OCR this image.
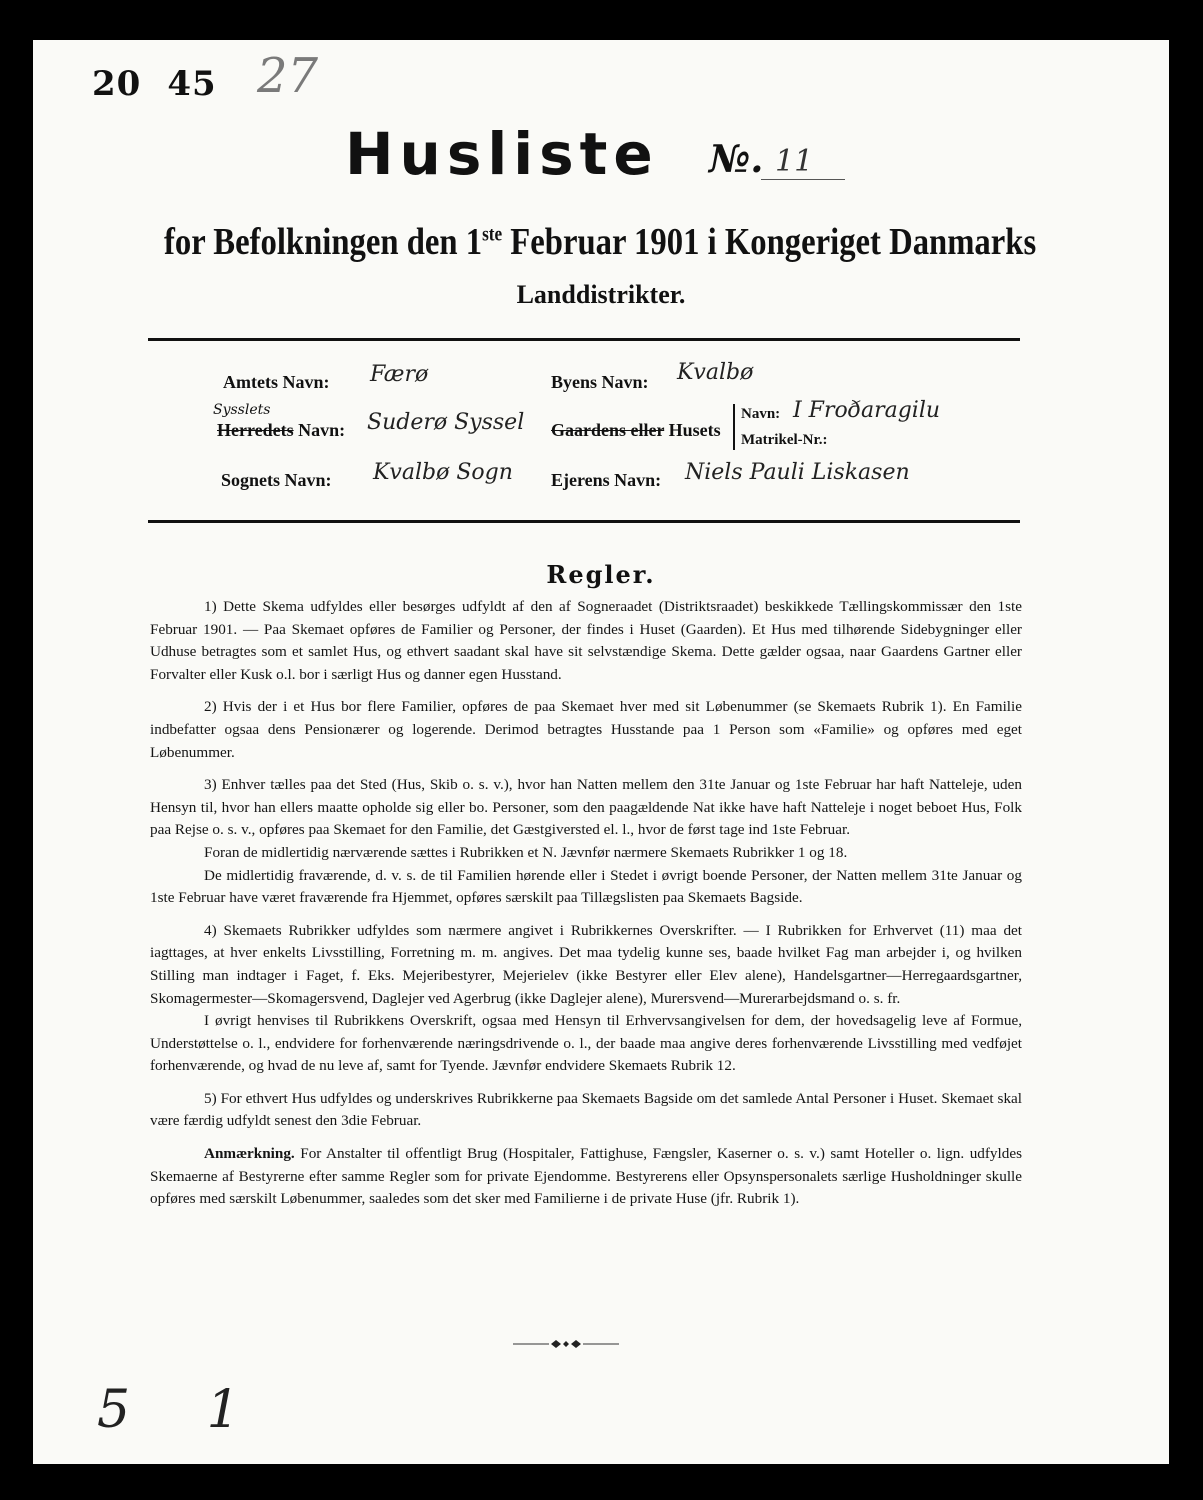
20 45 27
Husliste №. 11
for Befolkningen den 1ste Februar 1901 i Kongeriget Danmarks
Landdistrikter.
Amtets Navn: Færø
Sysslets
Herredets Navn: Suderø Syssel
Sognets Navn: Kvalbø Sogn
Byens Navn: Kvalbø
Gaardens eller Husets
Navn: I Froðaragilu
Matrikel-Nr.:
Ejerens Navn: Niels Pauli Liskasen
Regler.

1) Dette Skema udfyldes eller besørges udfyldt af den af Sogneraadet (Distriktsraadet) beskikkede Tællingskommissær den 1ste Februar 1901. — Paa Skemaet opføres de Familier og Personer, der findes i Huset (Gaarden). Et Hus med tilhørende Sidebygninger eller Udhuse betragtes som et samlet Hus, og ethvert saadant skal have sit selvstændige Skema. Dette gælder ogsaa, naar Gaardens Gartner eller Forvalter eller Kusk o.l. bor i særligt Hus og danner egen Husstand.

2) Hvis der i et Hus bor flere Familier, opføres de paa Skemaet hver med sit Løbenummer (se Skemaets Rubrik 1). En Familie indbefatter ogsaa dens Pensionærer og logerende. Derimod betragtes Husstande paa 1 Person som «Familie» og opføres med eget Løbenummer.

3) Enhver tælles paa det Sted (Hus, Skib o. s. v.), hvor han Natten mellem den 31te Januar og 1ste Februar har haft Natteleje, uden Hensyn til, hvor han ellers maatte opholde sig eller bo. Personer, som den paagældende Nat ikke have haft Natteleje i noget beboet Hus, Folk paa Rejse o. s. v., opføres paa Skemaet for den Familie, det Gæstgiversted el. l., hvor de først tage ind 1ste Februar.

Foran de midlertidig nærværende sættes i Rubrikken et N. Jævnfør nærmere Skemaets Rubrikker 1 og 18.

De midlertidig fraværende, d. v. s. de til Familien hørende eller i Stedet i øvrigt boende Personer, der Natten mellem 31te Januar og 1ste Februar have været fraværende fra Hjemmet, opføres særskilt paa Tillægslisten paa Skemaets Bagside.

4) Skemaets Rubrikker udfyldes som nærmere angivet i Rubrikkernes Overskrifter. — I Rubrikken for Erhvervet (11) maa det iagttages, at hver enkelts Livsstilling, Forretning m. m. angives. Det maa tydelig kunne ses, baade hvilket Fag man arbejder i, og hvilken Stilling man indtager i Faget, f. Eks. Mejeribestyrer, Mejerielev (ikke Bestyrer eller Elev alene), Handelsgartner—Herregaardsgartner, Skomagermester—Skomagersvend, Daglejer ved Agerbrug (ikke Daglejer alene), Murersvend—Murerarbejdsmand o. s. fr.

I øvrigt henvises til Rubrikkens Overskrift, ogsaa med Hensyn til Erhvervsangivelsen for dem, der hovedsagelig leve af Formue, Understøttelse o. l., endvidere for forhenværende næringsdrivende o. l., der baade maa angive deres forhenværende Livsstilling med vedføjet forhenværende, og hvad de nu leve af, samt for Tyende. Jævnfør endvidere Skemaets Rubrik 12.

5) For ethvert Hus udfyldes og underskrives Rubrikkerne paa Skemaets Bagside om det samlede Antal Personer i Huset. Skemaet skal være færdig udfyldt senest den 3die Februar.

Anmærkning. For Anstalter til offentligt Brug (Hospitaler, Fattighuse, Fængsler, Kaserner o. s. v.) samt Hoteller o. lign. udfyldes Skemaerne af Bestyrerne efter samme Regler som for private Ejendomme. Bestyrerens eller Opsynspersonalets særlige Husholdninger skulle opføres med særskilt Løbenummer, saaledes som det sker med Familierne i de private Huse (jfr. Rubrik 1).

5 1
